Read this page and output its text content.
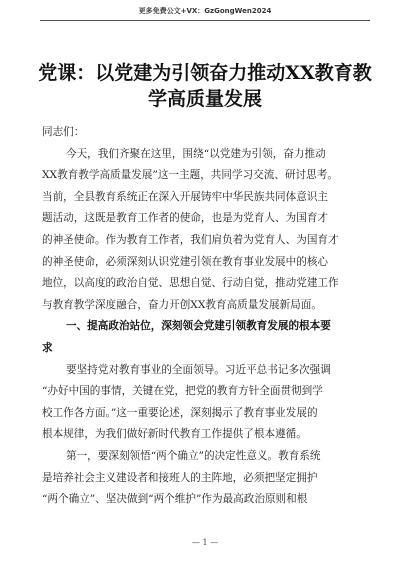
更多免费公文+VX：GzGongWen2024
党课：以党建为引领奋力推动XX教育教
学高质量发展
同志们：
今天，我们齐聚在这里，围绕“以党建为引领，奋力推动
XX教育教学高质量发展”这一主题，共同学习交流、研讨思考。
当前，全县教育系统正在深入开展铸牢中华民族共同体意识主
题活动，这既是教育工作者的使命，也是为党育人、为国育才
的神圣使命。作为教育工作者，我们肩负着为党育人、为国育才
的神圣使命，必须深刻认识党建引领在教育事业发展中的核心
地位，以高度的政治自觉、思想自觉、行动自觉，推动党建工作
与教育教学深度融合，奋力开创XX教育高质量发展新局面。
一、提高政治站位，深刻领会党建引领教育发展的根本要
求
要坚持党对教育事业的全面领导。习近平总书记多次强调
“办好中国的事情，关键在党，把党的教育方针全面贯彻到学
校工作各方面。”这一重要论述，深刻揭示了教育事业发展的
根本规律，为我们做好新时代教育工作提供了根本遵循。
第一，要深刻领悟“两个确立”的决定性意义。教育系统
是培养社会主义建设者和接班人的主阵地，必须把坚定拥护
“两个确立”、坚决做到“两个维护”作为最高政治原则和根
— 1 —
